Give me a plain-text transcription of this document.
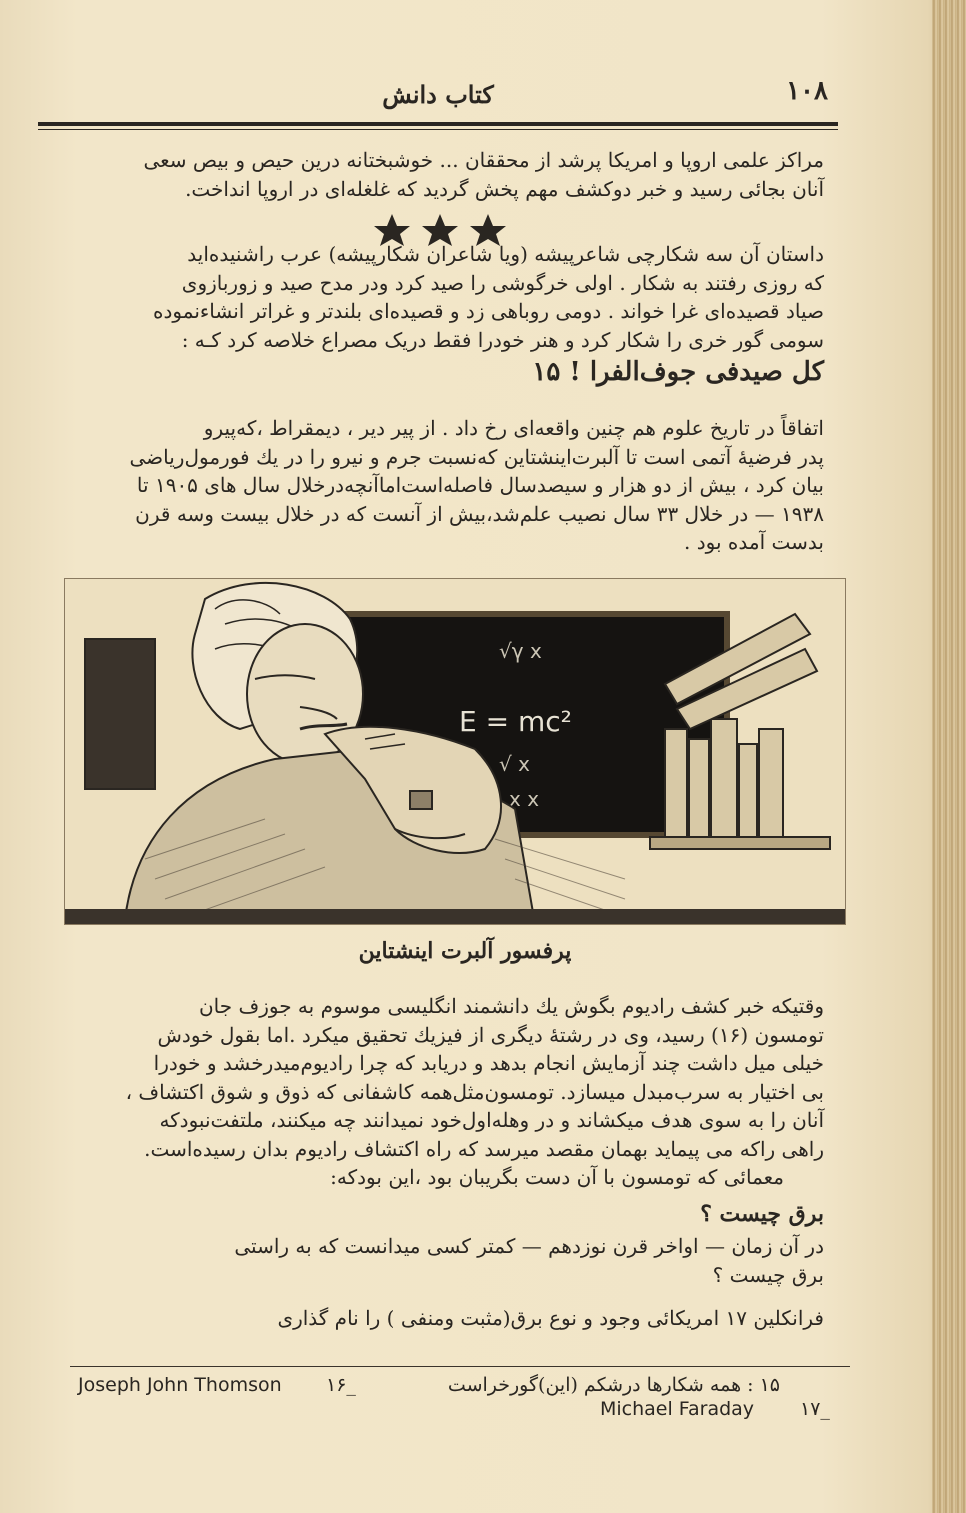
۱۰۸
کتاب دانش
مراکز علمی اروپا و امریکا پرشد از محققان ... خوشبختانه درین حیص و بیص سعی
آنان بجائی رسید و خبر دوکشف مهم پخش گردید که غلغله‌ای در اروپا انداخت.
داستان آن سه شکارچی شاعرپیشه (ویا شاعران شکارپیشه) عرب راشنیده‌اید
که روزی رفتند به شکار . اولی خرگوشی را صید کرد ودر مدح صید و زوربازوی
صیاد قصیده‌ای غرا خواند . دومی روباهی زد و قصیده‌ای بلندتر و غراتر انشاءنموده
سومی گور خری را شکار کرد و هنر خودرا فقط دریک مصراع خلاصه کرد کـه :
کل صیدفی جوف‌الفرا ! ۱۵
اتفاقاً در تاریخ علوم هم چنین واقعه‌ای رخ داد . از پیر دیر ، دیمقراط ،که‌پیرو
پدر فرضیهٔ آتمی است تا آلبرت‌اینشتاین که‌نسبت جرم و نیرو را در یك فورمول‌ریاضی
بیان کرد ، بیش از دو هزار و سیصدسال فاصله‌است‌اما‌آنچه‌درخلال سال های ۱۹۰۵ تا
۱۹۳۸ — در خلال ۳۳ سال نصیب علم‌شد،بیش از آنست که در خلال بیست وسه قرن
بدست آمده بود .
√γ x
E = mc²
√ x
x x
پرفسور آلبرت اینشتاین
وقتیکه خبر کشف رادیوم بگوش یك دانشمند انگلیسی موسوم به جوزف جان
تومسون (۱۶) رسید، وی در رشتهٔ دیگری از فیزیك تحقیق میکرد .اما بقول خودش
خیلی میل داشت چند آزمایش انجام بدهد و دریابد که چرا رادیوم‌میدرخشد و خودرا
بی اختیار به سرب‌مبدل میسازد. تومسون‌مثل‌همه کاشفانی که ذوق و شوق اکتشاف ،
آنان را به سوی هدف میکشاند و در وهله‌اول‌خود نمیدانند چه میکنند، ملتفت‌نبودکه
راهی راکه می پیماید بهمان مقصد میرسد که راه اکتشاف رادیوم بدان رسیده‌است.
معمائی که تومسون با آن دست بگریبان بود ،این بودکه:
برق چیست ؟
در آن زمان — اواخر قرن نوزدهم — کمتر کسی میدانست که به راستی
برق چیست ؟
فرانکلین ۱۷ امریکائی وجود و نوع برق(مثبت ومنفی ) را نام گذاری
Joseph John Thomson _۱۶	۱۵ : همه شکارها درشکم (این)گورخراست
Michael Faraday _۱۷
